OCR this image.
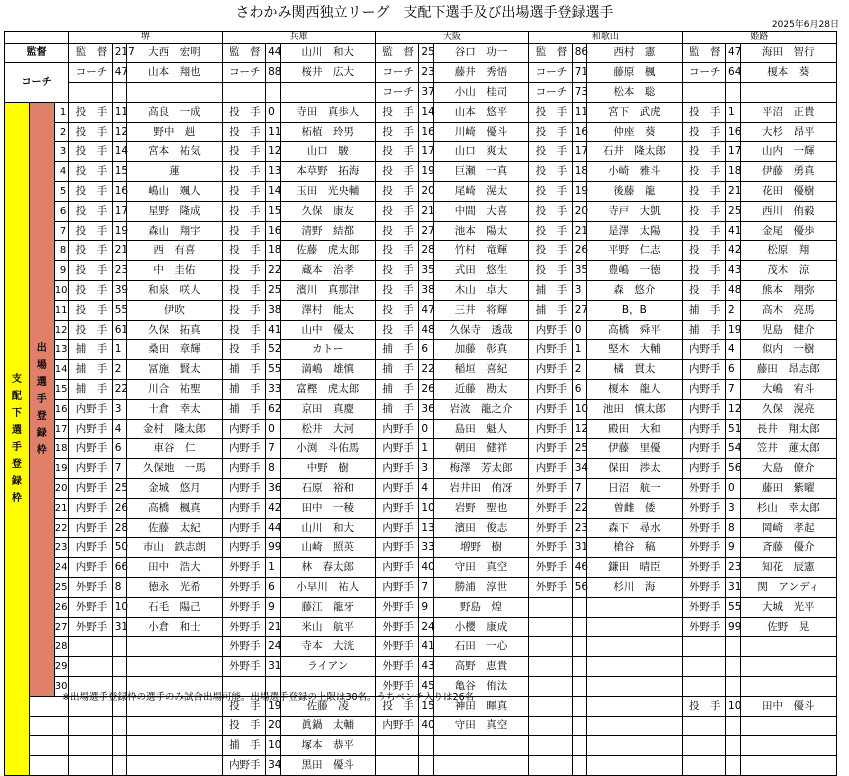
さわかみ関西独立リーグ　支配下選手及び出場選手登録選手
2025年6月28日
			堺			兵庫			大阪			和歌山			姫路		
監督			監　督	217	大西　宏明	監　督	44	山川　和大	監　督	25	谷口　功一	監　督	86	西村　憲	監　督	47	海田　智行
コーチ			コーチ	47	山本　翔也	コーチ	88	桜井　広大	コーチ	23	藤井　秀悟	コーチ	71	藤原　楓	コーチ	64	榎本　葵
									コーチ	37	小山　桂司	コーチ	73	松本　聡			
支配下選手登録枠	出場選手登録枠	1	投　手	11	高良　一成	投　手	0	寺田　真歩人	投　手	14	山本　悠平	投　手	11	宮下　武虎	投　手	1	平沼　正貴
		2	投　手	12	野中　赳	投　手	11	柘植　玲男	投　手	16	川崎　優斗	投　手	16	仲座　葵	投　手	16	大杉　昂平
		3	投　手	14	宮本　祐気	投　手	12	山口　駿	投　手	17	山口　爽太	投　手	17	石井　隆太郎	投　手	17	山内　一輝
		4	投　手	15	蓮	投　手	13	本草野　拓海	投　手	19	巨瀬　一真	投　手	18	小崎　雅斗	投　手	18	伊藤　勇真
		5	投　手	16	嶋山　颯人	投　手	14	玉田　光央輔	投　手	20	尾崎　滉太	投　手	19	後藤　龍	投　手	21	花田　優樹
		6	投　手	17	星野　隆成	投　手	15	久保　康友	投　手	21	中間　大喜	投　手	20	寺戸　大凱	投　手	25	西川　侑毅
		7	投　手	19	森山　翔宇	投　手	16	清野　結都	投　手	27	池本　陽太	投　手	21	是澤　太陽	投　手	41	金尾　優歩
		8	投　手	21	西　有喜	投　手	18	佐藤　虎太郎	投　手	28	竹村　竜輝	投　手	26	平野　仁志	投　手	42	松原　翔
		9	投　手	23	中　圭佑	投　手	22	蔵本　治孝	投　手	35	式田　悠生	投　手	35	豊嶋　一徳	投　手	43	茂木　涼
		10	投　手	39	和泉　咲人	投　手	25	濱川　真那津	投　手	38	木山　卓大	捕　手	3	森　悠介	投　手	48	熊本　翔弥
		11	投　手	55	伊吹	投　手	38	澤村　能太	投　手	47	三井　将輝	捕　手	27	B，B	捕　手	2	高木　亮馬
		12	投　手	61	久保　拓真	投　手	41	山中　優太	投　手	48	久保寺　透哉	内野手	0	高橋　舜平	捕　手	19	児島　健介
		13	捕　手	1	桑田　章輝	投　手	52	カトー	捕　手	6	加藤　彰真	内野手	1	堅木　大輔	内野手	4	似内　一樹
		14	捕　手	2	冨施　賢太	捕　手	55	満嶋　雄慎	捕　手	22	稲垣　喜紀	内野手	2	橘　貫太	内野手	6	藤田　昂志郎
		15	捕　手	22	川合　祐聖	捕　手	33	富樫　虎太郎	捕　手	26	近藤　勘太	内野手	6	榎本　龍人	内野手	7	大嶋　宥斗
		16	内野手	3	十倉　幸太	捕　手	62	京田　真慶	捕　手	36	岩波　龍之介	内野手	10	池田　慎太郎	内野手	12	久保　滉亮
		17	内野手	4	金村　隆太郎	内野手	0	松井　大河	内野手	0	島田　魁人	内野手	12	殿田　大和	内野手	51	長井　翔太郎
		18	内野手	6	車谷　仁	内野手	7	小渕　斗佑馬	内野手	1	朝田　健祥	内野手	25	伊藤　里優	内野手	54	笠井　蓮太郎
		19	内野手	7	久保地　一馬	内野手	8	中野　樹	内野手	3	梅澤　芳太郎	内野手	34	保田　渉太	内野手	56	大島　僚介
		20	内野手	25	金城　悠月	内野手	36	石原　裕和	内野手	4	岩井田　侑冴	外野手	7	日沼　航一	外野手	0	藤田　紫曜
		21	内野手	26	高橋　楓真	内野手	42	田中　一稜	内野手	10	岩野　聖也	外野手	22	曽雌　倭	外野手	3	杉山　幸太郎
		22	内野手	28	佐藤　太紀	内野手	44	山川　和大	内野手	13	濱田　俊志	外野手	23	森下　尋水	外野手	8	岡崎　孝起
		23	内野手	50	市山　鉄志朗	内野手	99	山崎　照英	内野手	33	増野　樹	外野手	31	槍谷　稿	外野手	9	斉藤　優介
		24	内野手	66	田中　浩大	外野手	1	林　春太郎	内野手	40	守田　真空	外野手	46	鎌田　晴臣	外野手	23	知花　辰憲
		25	外野手	8	徳永　光希	外野手	6	小早川　祐人	内野手	7	勝浦　淳世	外野手	56	杉川　海	外野手	31	関　アンディ
		26	外野手	10	石毛　陽己	外野手	9	藤江　龍牙	外野手	9	野島　煌				外野手	55	大城　光平
		27	外野手	31	小倉　和士	外野手	21	米山　航平	外野手	24	小樱　康成				外野手	99	佐野　晃
		28				外野手	24	寺本　大洸	外野手	41	石田　一心						
		29				外野手	31	ライアン	外野手	43	高野　恵貴						
		30							外野手	45	亀谷　侑汰						
						投　手	19	佐藤　凌	投　手	15	神田　暉真				投　手	10	田中　優斗
						投　手	20	眞鍋　太輔	内野手	40	守田　真空						
						捕　手	10	塚本　恭平									
						内野手	34	黒田　優斗									
※出場選手登録枠の選手のみ試合出場可能。出場選手登録の上限は30名。うちベンチ入りは26名
